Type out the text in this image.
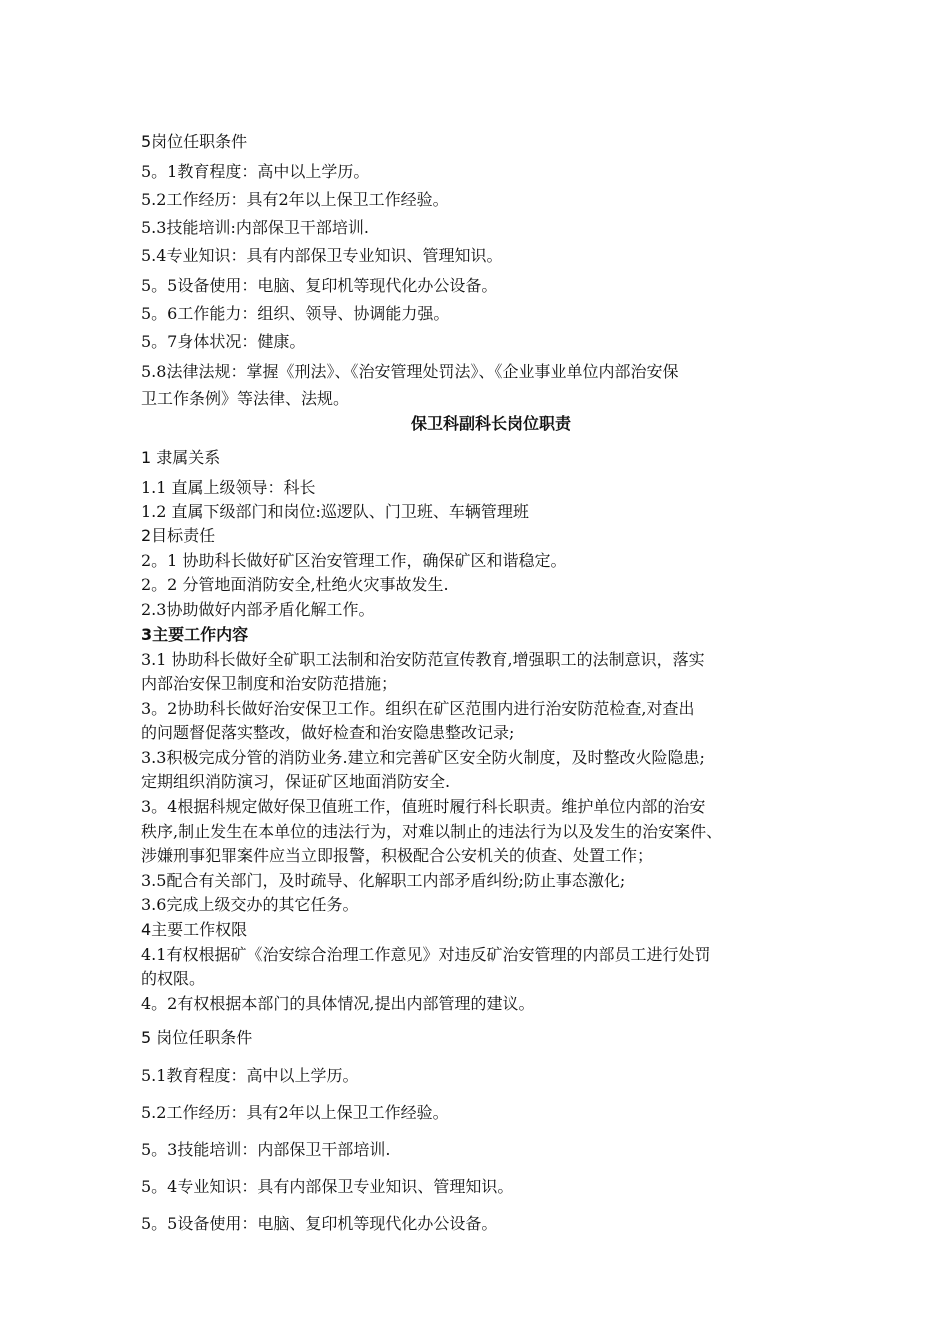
5岗位任职条件
5。1教育程度：高中以上学历。
5.2工作经历：具有2年以上保卫工作经验。
5.3技能培训:内部保卫干部培训.
5.4专业知识：具有内部保卫专业知识、管理知识。
5。5设备使用：电脑、复印机等现代化办公设备。
5。6工作能力：组织、领导、协调能力强。
5。7身体状况：健康。
5.8法律法规：掌握《刑法》、《治安管理处罚法》、《企业事业单位内部治安保
卫工作条例》等法律、法规。
保卫科副科长岗位职责
1 隶属关系
1.1 直属上级领导：科长
1.2 直属下级部门和岗位:巡逻队、门卫班、车辆管理班
2目标责任
2。1 协助科长做好矿区治安管理工作，确保矿区和谐稳定。
2。2 分管地面消防安全,杜绝火灾事故发生.
2.3协助做好内部矛盾化解工作。
3主要工作内容
3.1 协助科长做好全矿职工法制和治安防范宣传教育,增强职工的法制意识，落实
内部治安保卫制度和治安防范措施；
3。2协助科长做好治安保卫工作。组织在矿区范围内进行治安防范检查,对查出
的问题督促落实整改，做好检查和治安隐患整改记录;
3.3积极完成分管的消防业务.建立和完善矿区安全防火制度，及时整改火险隐患;
定期组织消防演习，保证矿区地面消防安全.
3。4根据科规定做好保卫值班工作，值班时履行科长职责。维护单位内部的治安
秩序,制止发生在本单位的违法行为，对难以制止的违法行为以及发生的治安案件、
涉嫌刑事犯罪案件应当立即报警，积极配合公安机关的侦查、处置工作；
3.5配合有关部门，及时疏导、化解职工内部矛盾纠纷;防止事态激化;
3.6完成上级交办的其它任务。
4主要工作权限
4.1有权根据矿《治安综合治理工作意见》对违反矿治安管理的内部员工进行处罚
的权限。
4。2有权根据本部门的具体情况,提出内部管理的建议。
5 岗位任职条件
5.1教育程度：高中以上学历。
5.2工作经历：具有2年以上保卫工作经验。
5。3技能培训：内部保卫干部培训.
5。4专业知识：具有内部保卫专业知识、管理知识。
5。5设备使用：电脑、复印机等现代化办公设备。
